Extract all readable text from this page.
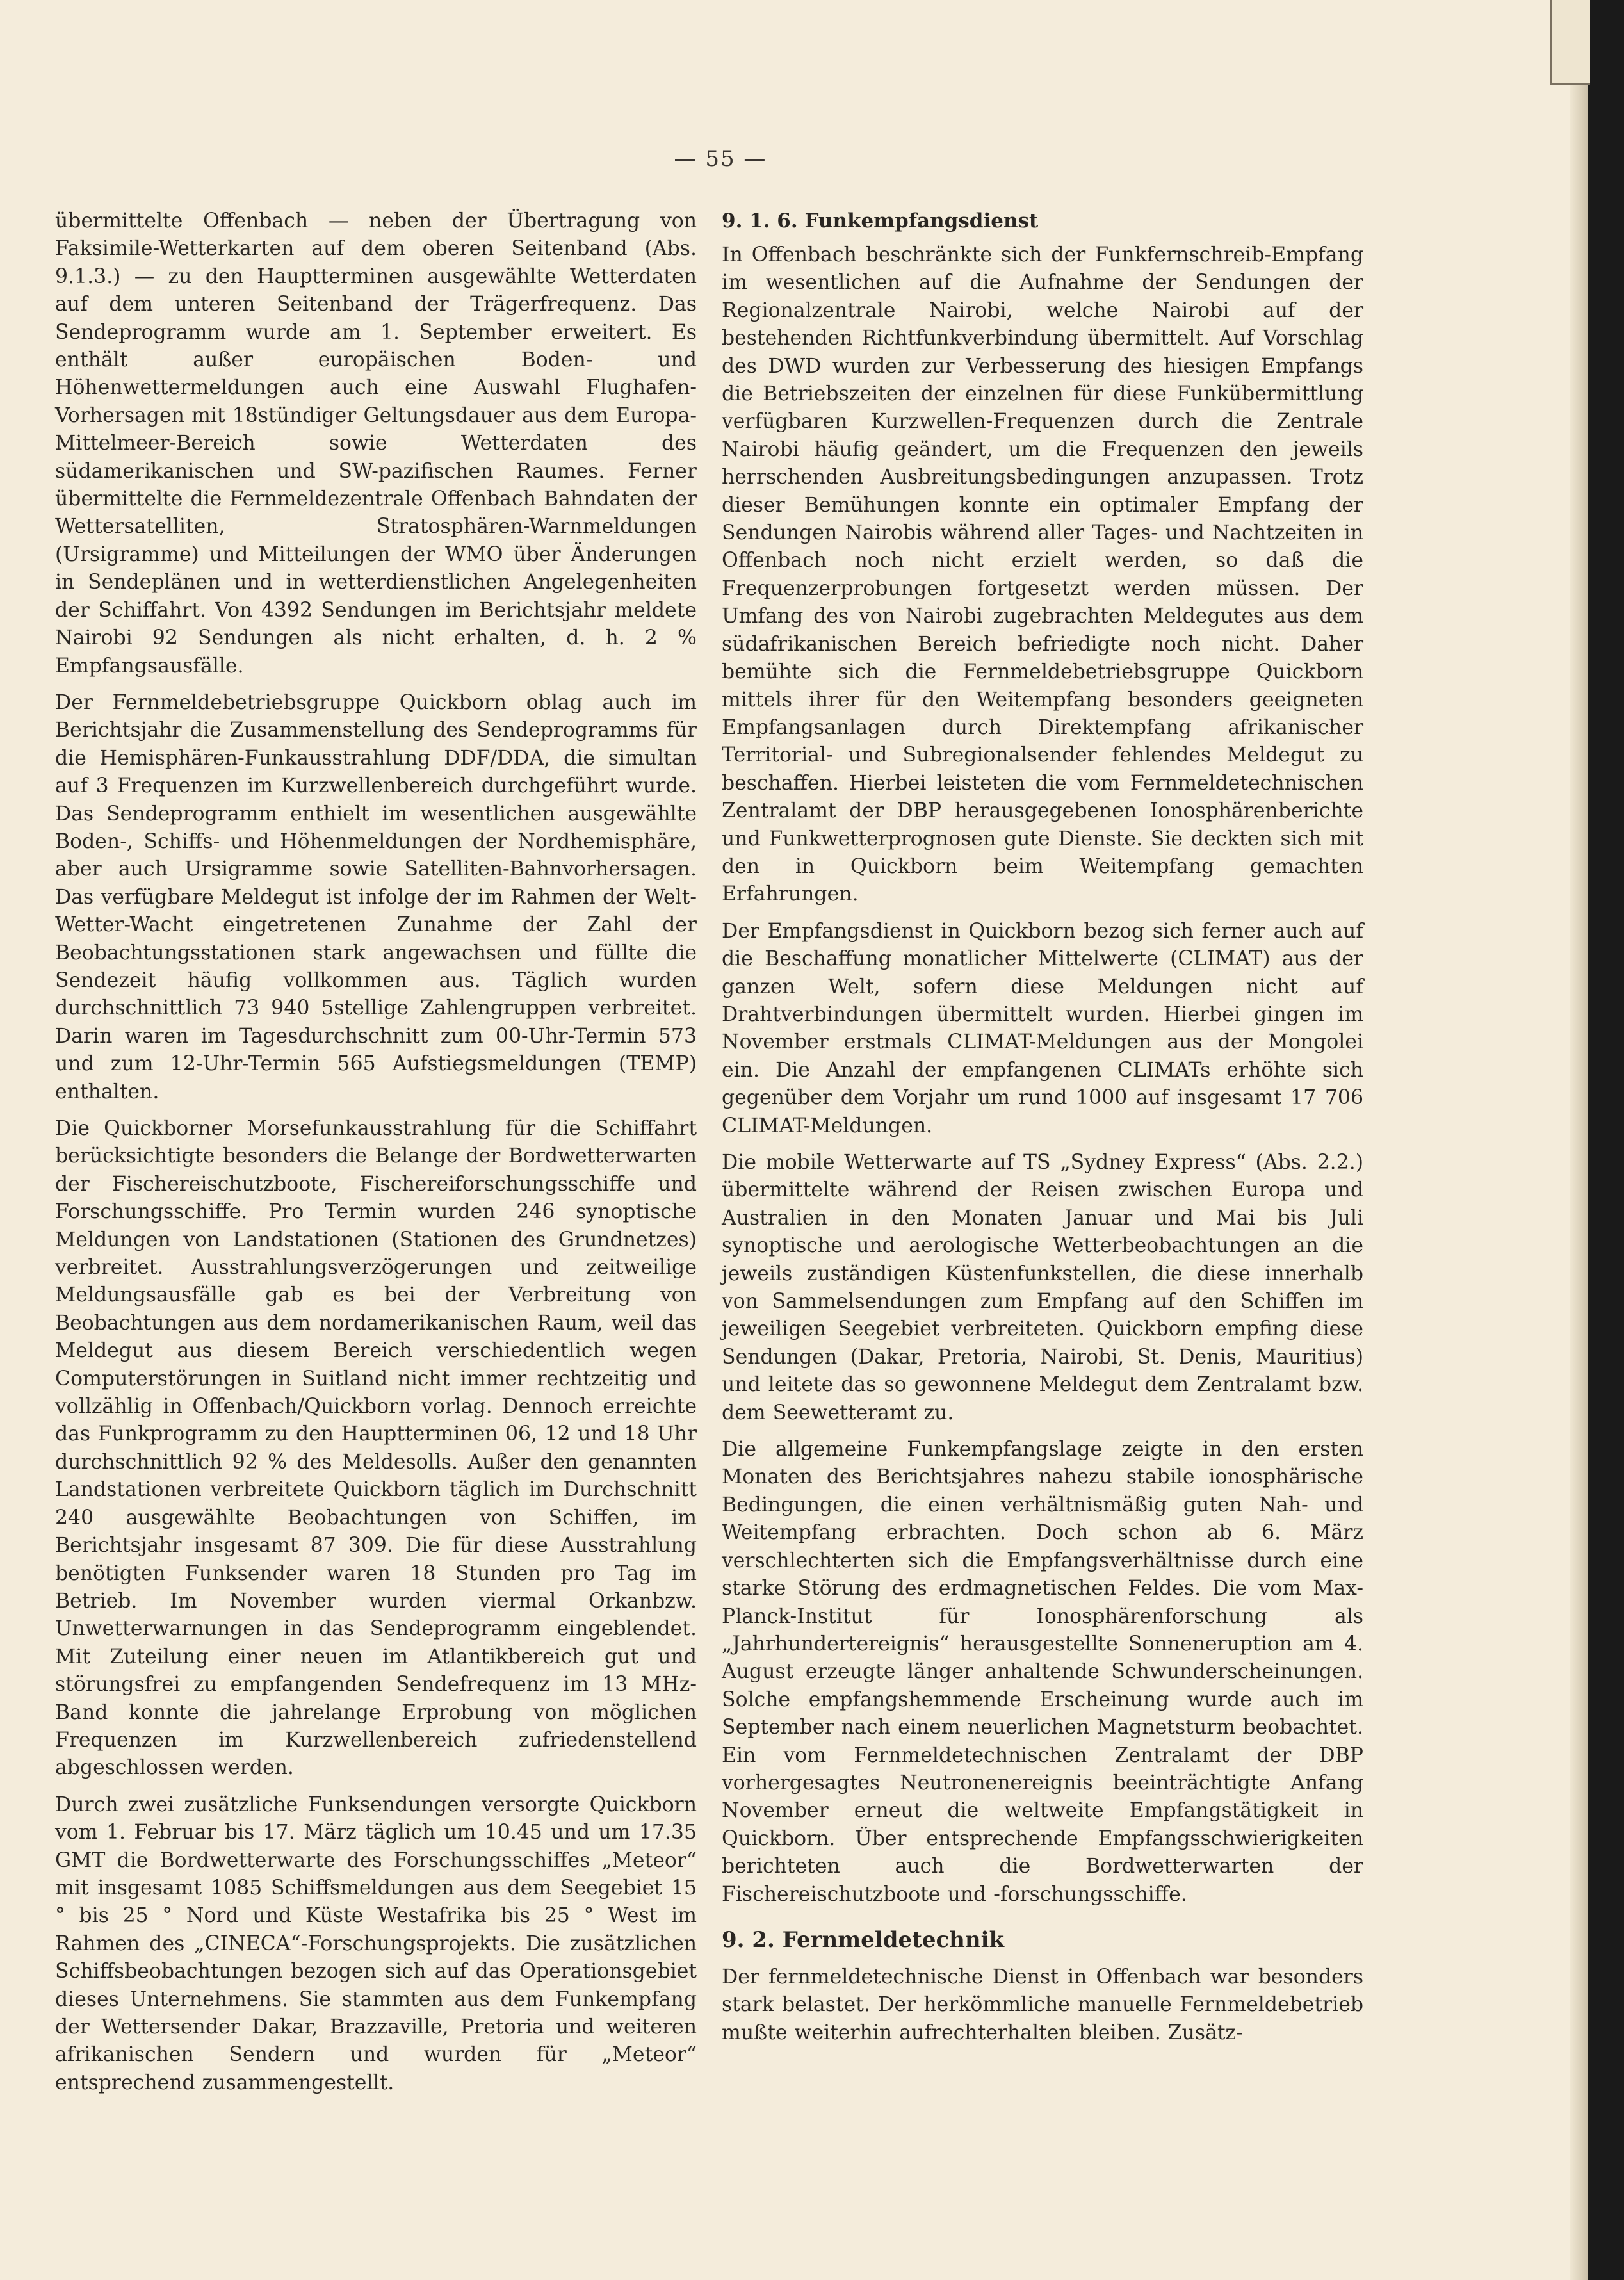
— 55 —

übermittelte Offenbach — neben der Übertragung von Faksimile-Wetterkarten auf dem oberen Seitenband (Abs. 9.1.3.) — zu den Hauptterminen ausgewählte Wetterdaten auf dem unteren Seitenband der Trägerfrequenz. Das Sendeprogramm wurde am 1. September erweitert. Es enthält außer europäischen Boden- und Höhenwettermeldungen auch eine Auswahl Flughafen-Vorhersagen mit 18stündiger Geltungsdauer aus dem Europa-Mittelmeer-Bereich sowie Wetterdaten des südamerikanischen und SW-pazifischen Raumes. Ferner übermittelte die Fernmeldezentrale Offenbach Bahndaten der Wettersatelliten, Stratosphären-Warnmeldungen (Ursigramme) und Mitteilungen der WMO über Änderungen in Sendeplänen und in wetterdienstlichen Angelegenheiten der Schiffahrt. Von 4392 Sendungen im Berichtsjahr meldete Nairobi 92 Sendungen als nicht erhalten, d. h. 2 % Empfangsausfälle.

Der Fernmeldebetriebsgruppe Quickborn oblag auch im Berichtsjahr die Zusammenstellung des Sendeprogramms für die Hemisphären-Funkausstrahlung DDF/DDA, die simultan auf 3 Frequenzen im Kurzwellenbereich durchgeführt wurde. Das Sendeprogramm enthielt im wesentlichen ausgewählte Boden-, Schiffs- und Höhenmeldungen der Nordhemisphäre, aber auch Ursigramme sowie Satelliten-Bahnvorhersagen. Das verfügbare Meldegut ist infolge der im Rahmen der Welt-Wetter-Wacht eingetretenen Zunahme der Zahl der Beobachtungsstationen stark angewachsen und füllte die Sendezeit häufig vollkommen aus. Täglich wurden durchschnittlich 73 940 5stellige Zahlengruppen verbreitet. Darin waren im Tagesdurchschnitt zum 00-Uhr-Termin 573 und zum 12-Uhr-Termin 565 Aufstiegsmeldungen (TEMP) enthalten.

Die Quickborner Morsefunkausstrahlung für die Schiffahrt berücksichtigte besonders die Belange der Bordwetterwarten der Fischereischutzboote, Fischereiforschungsschiffe und Forschungsschiffe. Pro Termin wurden 246 synoptische Meldungen von Landstationen (Stationen des Grundnetzes) verbreitet. Ausstrahlungsverzögerungen und zeitweilige Meldungsausfälle gab es bei der Verbreitung von Beobachtungen aus dem nordamerikanischen Raum, weil das Meldegut aus diesem Bereich verschiedentlich wegen Computerstörungen in Suitland nicht immer rechtzeitig und vollzählig in Offenbach/Quickborn vorlag. Dennoch erreichte das Funkprogramm zu den Hauptterminen 06, 12 und 18 Uhr durchschnittlich 92 % des Meldesolls. Außer den genannten Landstationen verbreitete Quickborn täglich im Durchschnitt 240 ausgewählte Beobachtungen von Schiffen, im Berichtsjahr insgesamt 87 309. Die für diese Ausstrahlung benötigten Funksender waren 18 Stunden pro Tag im Betrieb. Im November wurden viermal Orkanbzw. Unwetterwarnungen in das Sendeprogramm eingeblendet. Mit Zuteilung einer neuen im Atlantikbereich gut und störungsfrei zu empfangenden Sendefrequenz im 13 MHz-Band konnte die jahrelange Erprobung von möglichen Frequenzen im Kurzwellenbereich zufriedenstellend abgeschlossen werden.

Durch zwei zusätzliche Funksendungen versorgte Quickborn vom 1. Februar bis 17. März täglich um 10.45 und um 17.35 GMT die Bordwetterwarte des Forschungsschiffes „Meteor“ mit insgesamt 1085 Schiffsmeldungen aus dem Seegebiet 15 ° bis 25 ° Nord und Küste Westafrika bis 25 ° West im Rahmen des „CINECA“-Forschungsprojekts. Die zusätzlichen Schiffsbeobachtungen bezogen sich auf das Operationsgebiet dieses Unternehmens. Sie stammten aus dem Funkempfang der Wettersender Dakar, Brazzaville, Pretoria und weiteren afrikanischen Sendern und wurden für „Meteor“ entsprechend zusammengestellt.

9. 1. 6. Funkempfangsdienst

In Offenbach beschränkte sich der Funkfernschreib-Empfang im wesentlichen auf die Aufnahme der Sendungen der Regionalzentrale Nairobi, welche Nairobi auf der bestehenden Richtfunkverbindung übermittelt. Auf Vorschlag des DWD wurden zur Verbesserung des hiesigen Empfangs die Betriebszeiten der einzelnen für diese Funkübermittlung verfügbaren Kurzwellen-Frequenzen durch die Zentrale Nairobi häufig geändert, um die Frequenzen den jeweils herrschenden Ausbreitungsbedingungen anzupassen. Trotz dieser Bemühungen konnte ein optimaler Empfang der Sendungen Nairobis während aller Tages- und Nachtzeiten in Offenbach noch nicht erzielt werden, so daß die Frequenzerprobungen fortgesetzt werden müssen. Der Umfang des von Nairobi zugebrachten Meldegutes aus dem südafrikanischen Bereich befriedigte noch nicht. Daher bemühte sich die Fernmeldebetriebsgruppe Quickborn mittels ihrer für den Weitempfang besonders geeigneten Empfangsanlagen durch Direktempfang afrikanischer Territorial- und Subregionalsender fehlendes Meldegut zu beschaffen. Hierbei leisteten die vom Fernmeldetechnischen Zentralamt der DBP herausgegebenen Ionosphärenberichte und Funkwetterprognosen gute Dienste. Sie deckten sich mit den in Quickborn beim Weitempfang gemachten Erfahrungen.

Der Empfangsdienst in Quickborn bezog sich ferner auch auf die Beschaffung monatlicher Mittelwerte (CLIMAT) aus der ganzen Welt, sofern diese Meldungen nicht auf Drahtverbindungen übermittelt wurden. Hierbei gingen im November erstmals CLIMAT-Meldungen aus der Mongolei ein. Die Anzahl der empfangenen CLIMATs erhöhte sich gegenüber dem Vorjahr um rund 1000 auf insgesamt 17 706 CLIMAT-Meldungen.

Die mobile Wetterwarte auf TS „Sydney Express“ (Abs. 2.2.) übermittelte während der Reisen zwischen Europa und Australien in den Monaten Januar und Mai bis Juli synoptische und aerologische Wetterbeobachtungen an die jeweils zuständigen Küstenfunkstellen, die diese innerhalb von Sammelsendungen zum Empfang auf den Schiffen im jeweiligen Seegebiet verbreiteten. Quickborn empfing diese Sendungen (Dakar, Pretoria, Nairobi, St. Denis, Mauritius) und leitete das so gewonnene Meldegut dem Zentralamt bzw. dem Seewetteramt zu.

Die allgemeine Funkempfangslage zeigte in den ersten Monaten des Berichtsjahres nahezu stabile ionosphärische Bedingungen, die einen verhältnismäßig guten Nah- und Weitempfang erbrachten. Doch schon ab 6. März verschlechterten sich die Empfangsverhältnisse durch eine starke Störung des erdmagnetischen Feldes. Die vom Max-Planck-Institut für Ionosphärenforschung als „Jahrhundertereignis“ herausgestellte Sonneneruption am 4. August erzeugte länger anhaltende Schwunderscheinungen. Solche empfangshemmende Erscheinung wurde auch im September nach einem neuerlichen Magnetsturm beobachtet. Ein vom Fernmeldetechnischen Zentralamt der DBP vorhergesagtes Neutronenereignis beeinträchtigte Anfang November erneut die weltweite Empfangstätigkeit in Quickborn. Über entsprechende Empfangsschwierigkeiten berichteten auch die Bordwetterwarten der Fischereischutzboote und -forschungsschiffe.

9. 2. Fernmeldetechnik

Der fernmeldetechnische Dienst in Offenbach war besonders stark belastet. Der herkömmliche manuelle Fernmeldebetrieb mußte weiterhin aufrechterhalten bleiben. Zusätz-
